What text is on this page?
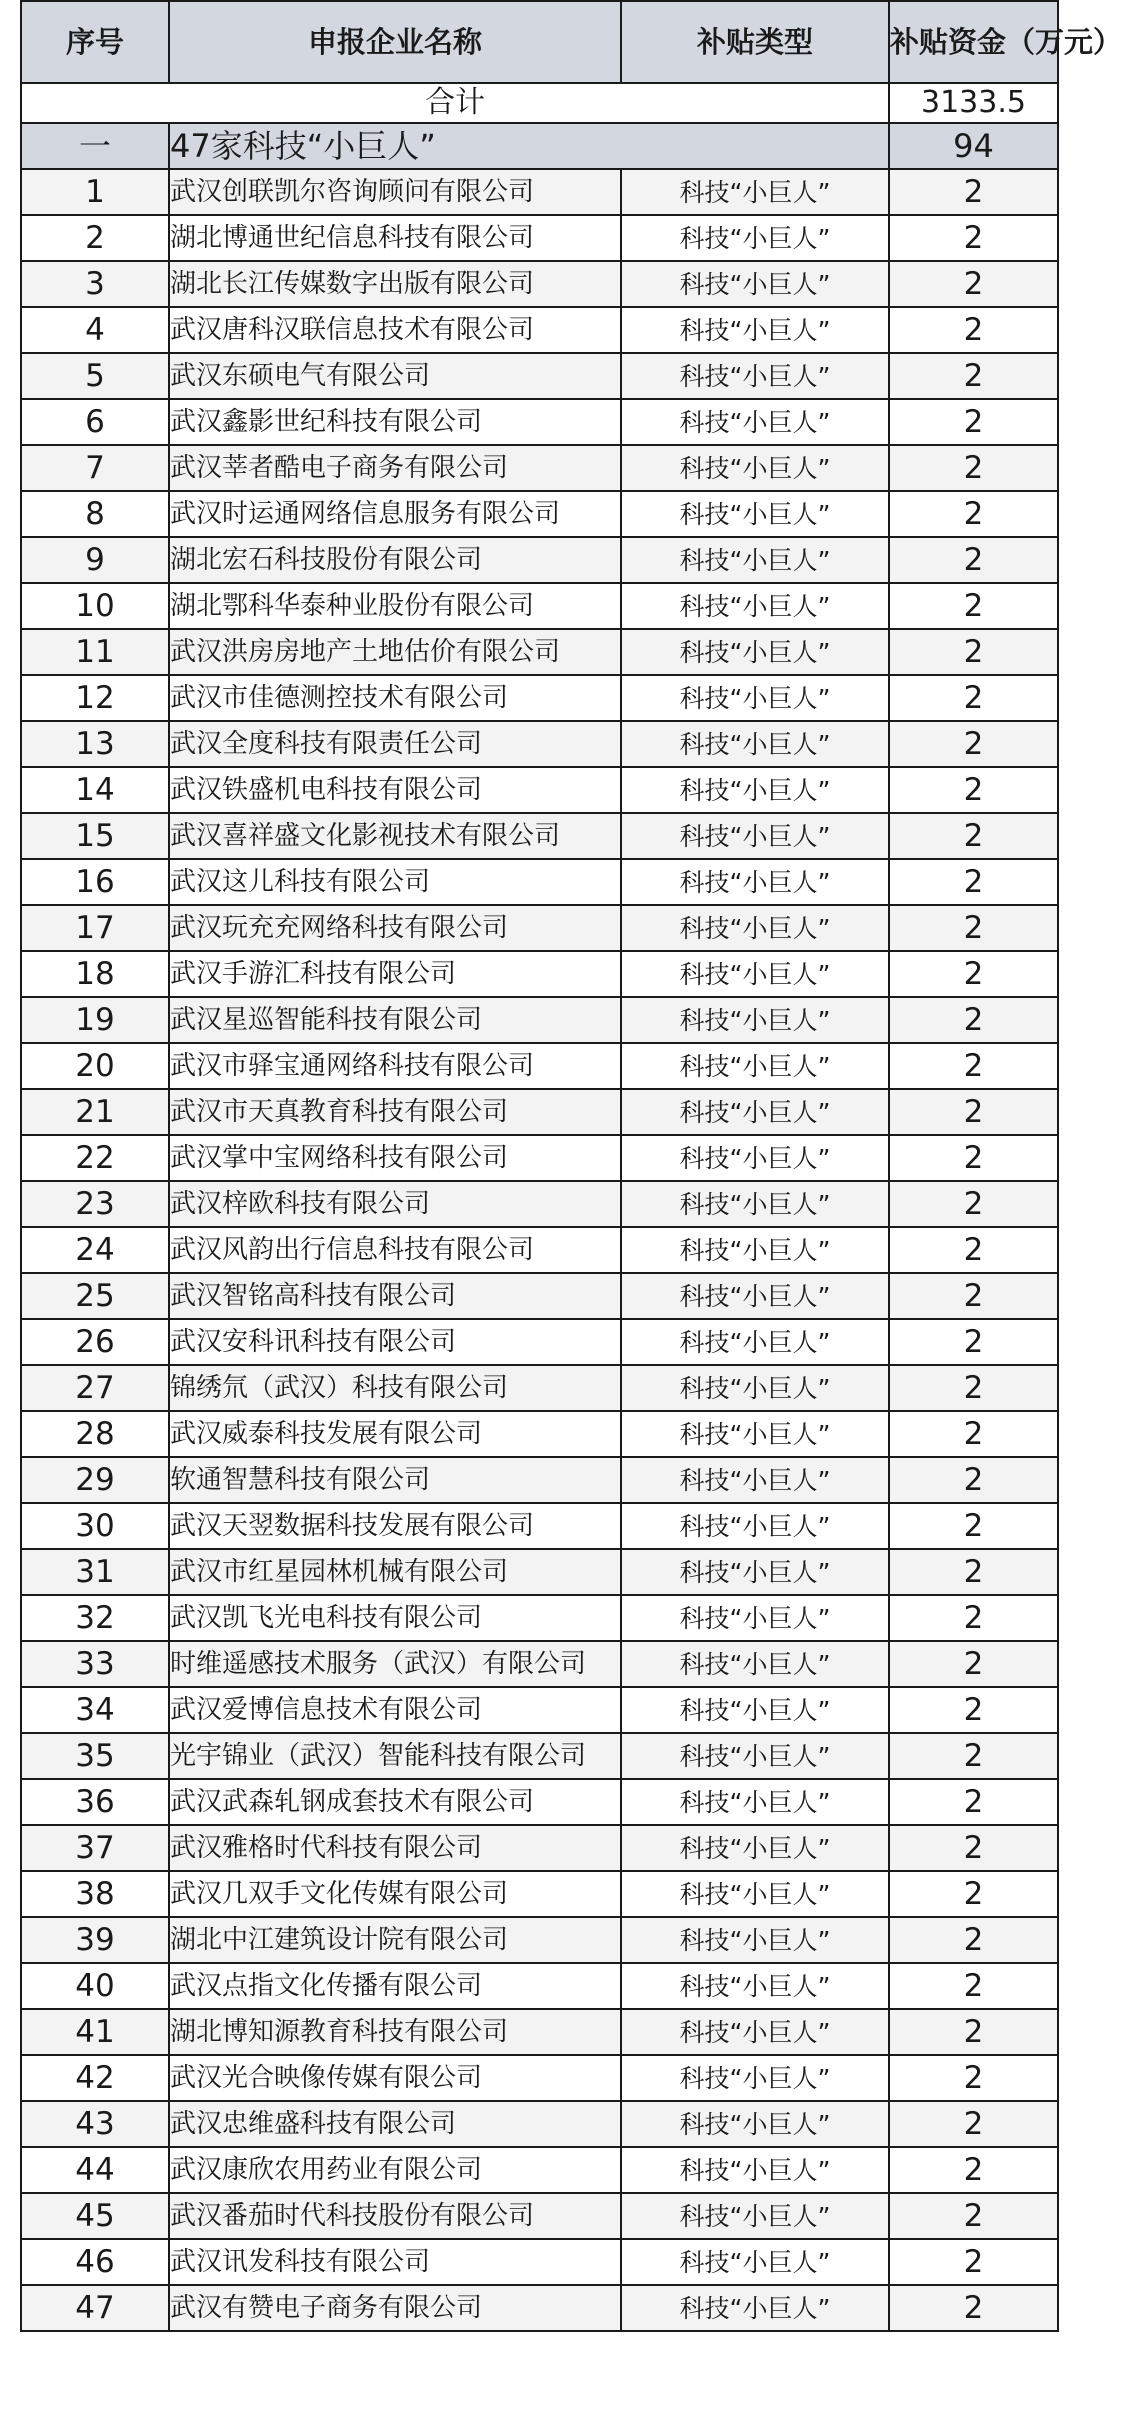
序号	申报企业名称	补贴类型	补贴资金（万元）
合计			3133.5
一	47家科技“小巨人”		94
1	武汉创联凯尔咨询顾问有限公司	科技“小巨人”	2
2	湖北博通世纪信息科技有限公司	科技“小巨人”	2
3	湖北长江传媒数字出版有限公司	科技“小巨人”	2
4	武汉唐科汉联信息技术有限公司	科技“小巨人”	2
5	武汉东硕电气有限公司	科技“小巨人”	2
6	武汉鑫影世纪科技有限公司	科技“小巨人”	2
7	武汉莘者酷电子商务有限公司	科技“小巨人”	2
8	武汉时运通网络信息服务有限公司	科技“小巨人”	2
9	湖北宏石科技股份有限公司	科技“小巨人”	2
10	湖北鄂科华泰种业股份有限公司	科技“小巨人”	2
11	武汉洪房房地产土地估价有限公司	科技“小巨人”	2
12	武汉市佳德测控技术有限公司	科技“小巨人”	2
13	武汉全度科技有限责任公司	科技“小巨人”	2
14	武汉铁盛机电科技有限公司	科技“小巨人”	2
15	武汉喜祥盛文化影视技术有限公司	科技“小巨人”	2
16	武汉这儿科技有限公司	科技“小巨人”	2
17	武汉玩充充网络科技有限公司	科技“小巨人”	2
18	武汉手游汇科技有限公司	科技“小巨人”	2
19	武汉星巡智能科技有限公司	科技“小巨人”	2
20	武汉市驿宝通网络科技有限公司	科技“小巨人”	2
21	武汉市天真教育科技有限公司	科技“小巨人”	2
22	武汉掌中宝网络科技有限公司	科技“小巨人”	2
23	武汉梓欧科技有限公司	科技“小巨人”	2
24	武汉风韵出行信息科技有限公司	科技“小巨人”	2
25	武汉智铭高科技有限公司	科技“小巨人”	2
26	武汉安科讯科技有限公司	科技“小巨人”	2
27	锦绣氘（武汉）科技有限公司	科技“小巨人”	2
28	武汉威泰科技发展有限公司	科技“小巨人”	2
29	软通智慧科技有限公司	科技“小巨人”	2
30	武汉天翌数据科技发展有限公司	科技“小巨人”	2
31	武汉市红星园林机械有限公司	科技“小巨人”	2
32	武汉凯飞光电科技有限公司	科技“小巨人”	2
33	时维遥感技术服务（武汉）有限公司	科技“小巨人”	2
34	武汉爱博信息技术有限公司	科技“小巨人”	2
35	光宇锦业（武汉）智能科技有限公司	科技“小巨人”	2
36	武汉武森轧钢成套技术有限公司	科技“小巨人”	2
37	武汉雅格时代科技有限公司	科技“小巨人”	2
38	武汉几双手文化传媒有限公司	科技“小巨人”	2
39	湖北中江建筑设计院有限公司	科技“小巨人”	2
40	武汉点指文化传播有限公司	科技“小巨人”	2
41	湖北博知源教育科技有限公司	科技“小巨人”	2
42	武汉光合映像传媒有限公司	科技“小巨人”	2
43	武汉忠维盛科技有限公司	科技“小巨人”	2
44	武汉康欣农用药业有限公司	科技“小巨人”	2
45	武汉番茄时代科技股份有限公司	科技“小巨人”	2
46	武汉讯发科技有限公司	科技“小巨人”	2
47	武汉有赞电子商务有限公司	科技“小巨人”	2
